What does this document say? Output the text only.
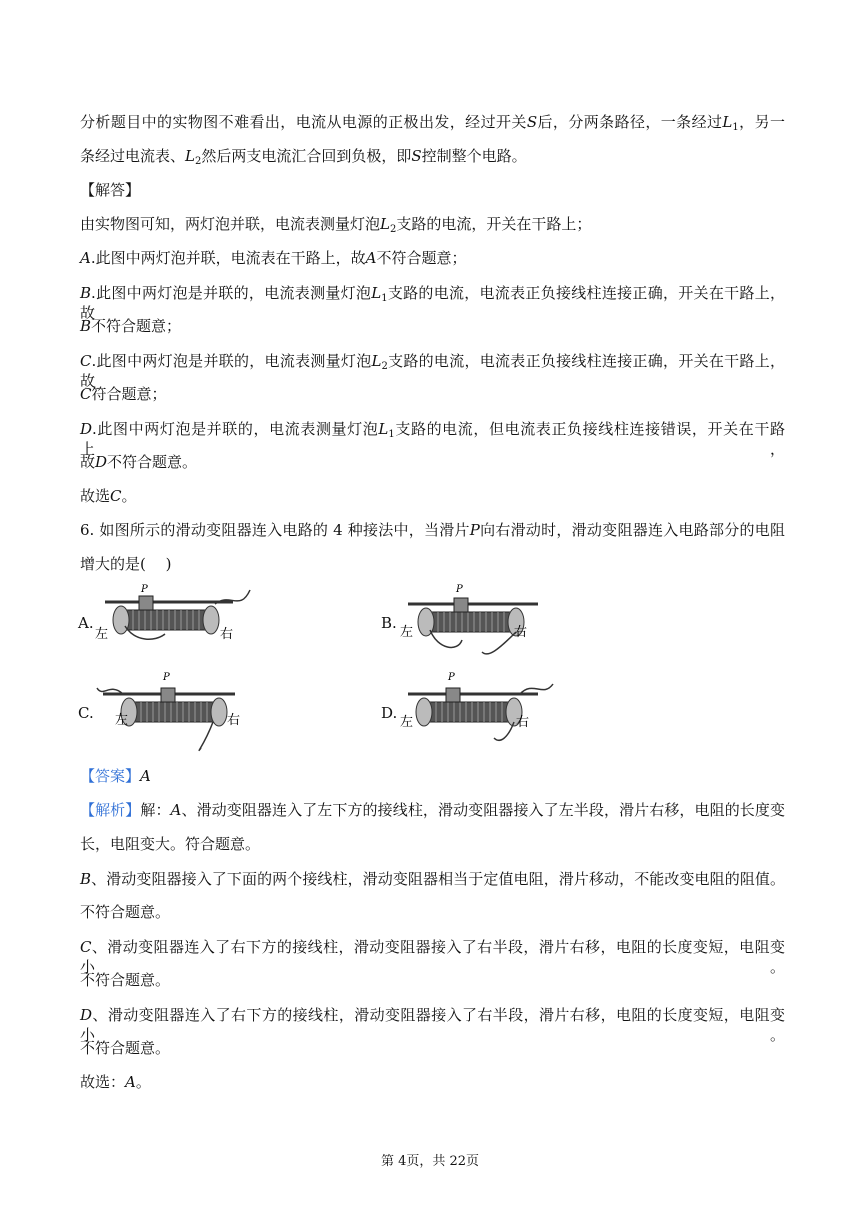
分析题目中的实物图不难看出，电流从电源的正极出发，经过开关S后，分两条路径，一条经过$L_1$，另一
条经过电流表、$L_2$然后两支电流汇合回到负极，即S控制整个电路。
【解答】
由实物图可知，两灯泡并联，电流表测量灯泡$L_2$支路的电流，开关在干路上；
A.此图中两灯泡并联，电流表在干路上，故A不符合题意；
B.此图中两灯泡是并联的，电流表测量灯泡$L_1$支路的电流，电流表正负接线柱连接正确，开关在干路上，故
B不符合题意；
C.此图中两灯泡是并联的，电流表测量灯泡$L_2$支路的电流，电流表正负接线柱连接正确，开关在干路上，故
C符合题意；
D.此图中两灯泡是并联的，电流表测量灯泡$L_1$支路的电流，但电流表正负接线柱连接错误，开关在干路上，
故D不符合题意。
故选C。
6. 如图所示的滑动变阻器连入电路的 4 种接法中，当滑片P向右滑动时，滑动变阻器连入电路部分的电阻
增大的是(　 )
A.	B.
C.	D.
P
左	右
P
左	右
P
左	右
P
左	右
【答案】A
【解析】解：A、滑动变阻器连入了左下方的接线柱，滑动变阻器接入了左半段，滑片右移，电阻的长度变
长，电阻变大。符合题意。
B、滑动变阻器接入了下面的两个接线柱，滑动变阻器相当于定值电阻，滑片移动，不能改变电阻的阻值。
不符合题意。
C、滑动变阻器连入了右下方的接线柱，滑动变阻器接入了右半段，滑片右移，电阻的长度变短，电阻变小。
不符合题意。
D、滑动变阻器连入了右下方的接线柱，滑动变阻器接入了右半段，滑片右移，电阻的长度变短，电阻变小。
不符合题意。
故选：A。
第 4页，共 22页
